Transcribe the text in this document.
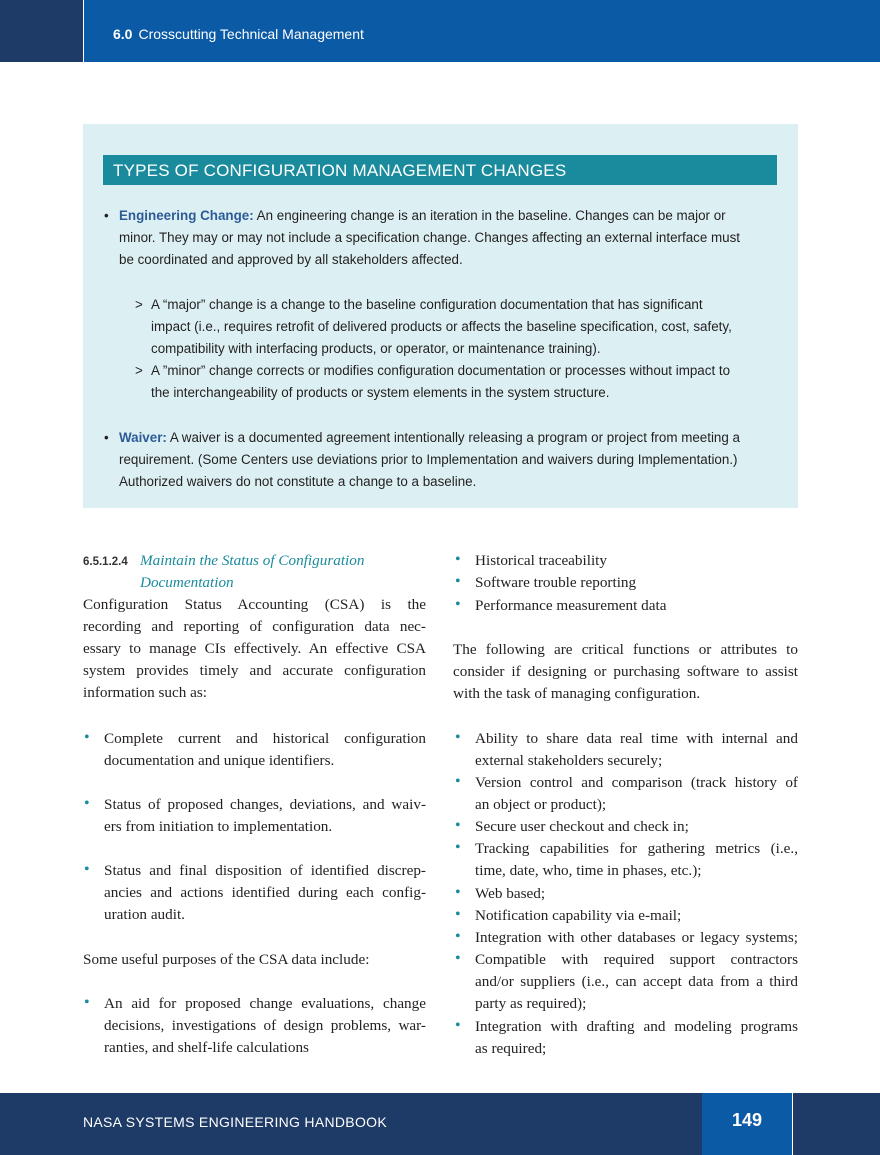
6.0 Crosscutting Technical Management
TYPES OF CONFIGURATION MANAGEMENT CHANGES
• Engineering Change: An engineering change is an iteration in the baseline. Changes can be major or
minor. They may or may not include a specification change. Changes affecting an external interface must
be coordinated and approved by all stakeholders affected.
> A “major” change is a change to the baseline configuration documentation that has significant
impact (i.e., requires retrofit of delivered products or affects the baseline specification, cost, safety,
compatibility with interfacing products, or operator, or maintenance training).
> A ”minor” change corrects or modifies configuration documentation or processes without impact to
the interchangeability of products or system elements in the system structure.
• Waiver: A waiver is a documented agreement intentionally releasing a program or project from meeting a
requirement. (Some Centers use deviations prior to Implementation and waivers during Implementation.)
Authorized waivers do not constitute a change to a baseline.
6.5.1.2.4 Maintain the Status of Configuration
Documentation
Configuration Status Accounting (CSA) is the
recording and reporting of configuration data nec-
essary to manage CIs effectively. An effective CSA
system provides timely and accurate configuration
information such as:
• Complete current and historical configuration
documentation and unique identifiers.
• Status of proposed changes, deviations, and waiv-
ers from initiation to implementation.
• Status and final disposition of identified discrep-
ancies and actions identified during each config-
uration audit.
Some useful purposes of the CSA data include:
• An aid for proposed change evaluations, change
decisions, investigations of design problems, war-
ranties, and shelf-life calculations
• Historical traceability
• Software trouble reporting
• Performance measurement data
The following are critical functions or attributes to
consider if designing or purchasing software to assist
with the task of managing configuration.
• Ability to share data real time with internal and
external stakeholders securely;
• Version control and comparison (track history of
an object or product);
• Secure user checkout and check in;
• Tracking capabilities for gathering metrics (i.e.,
time, date, who, time in phases, etc.);
• Web based;
• Notification capability via e-mail;
• Integration with other databases or legacy systems;
• Compatible with required support contractors
and/or suppliers (i.e., can accept data from a third
party as required);
• Integration with drafting and modeling programs
as required;
NASA SYSTEMS ENGINEERING HANDBOOK	149
